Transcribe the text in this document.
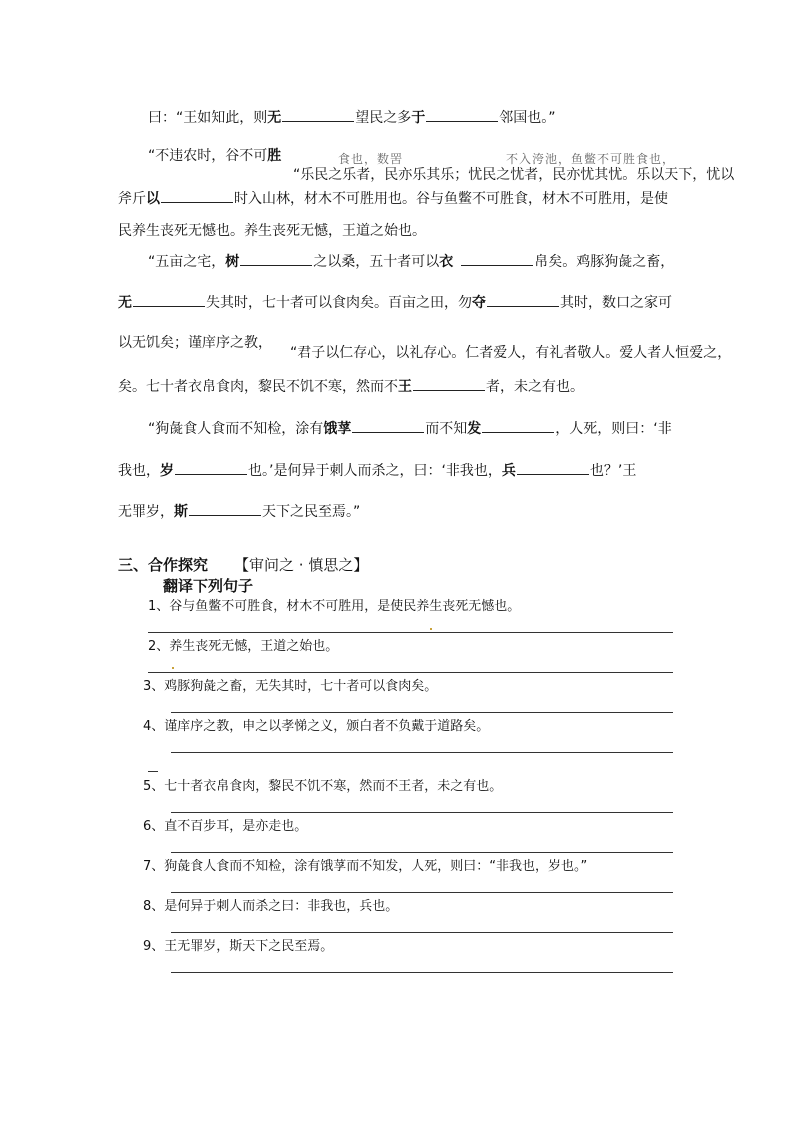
曰：“王如知此，则无	望民之多于	邻国也。”
“不违农时，谷不可胜	食也，数罟	不入洿池，鱼鳖不可胜食也，
“乐民之乐者，民亦乐其乐；忧民之忧者，民亦忧其忧。乐以天下，忧以
斧斤以	时入山林，材木不可胜用也。谷与鱼鳖不可胜食，材木不可胜用，是使
民养生丧死无憾也。养生丧死无憾，王道之始也。
“五亩之宅，树	之以桑，五十者可以衣	帛矣。鸡豚狗彘之畜，
无	失其时，七十者可以食肉矣。百亩之田，勿夺	其时，数口之家可
以无饥矣；谨庠序之教，
“君子以仁存心，以礼存心。仁者爱人，有礼者敬人。爱人者人恒爱之，
矣。七十者衣帛食肉，黎民不饥不寒，然而不王	者，未之有也。
“狗彘食人食而不知检，涂有饿莩	而不知发	，人死，则曰：‘非
我也，岁	也。’是何异于刺人而杀之，曰：‘非我也，兵	也？’王
无罪岁，斯	天下之民至焉。”
三、合作探究 【审问之 · 慎思之】
翻译下列句子
1、谷与鱼鳖不可胜食，材木不可胜用，是使民养生丧死无憾也。
2、养生丧死无憾，王道之始也。
3、鸡豚狗彘之畜，无失其时，七十者可以食肉矣。
4、谨庠序之教，申之以孝悌之义，颁白者不负戴于道路矣。
5、七十者衣帛食肉，黎民不饥不寒，然而不王者，未之有也。
6、直不百步耳，是亦走也。
7、狗彘食人食而不知检，涂有饿莩而不知发，人死，则曰：“非我也，岁也。”
8、是何异于刺人而杀之曰：非我也，兵也。
9、王无罪岁，斯天下之民至焉。
